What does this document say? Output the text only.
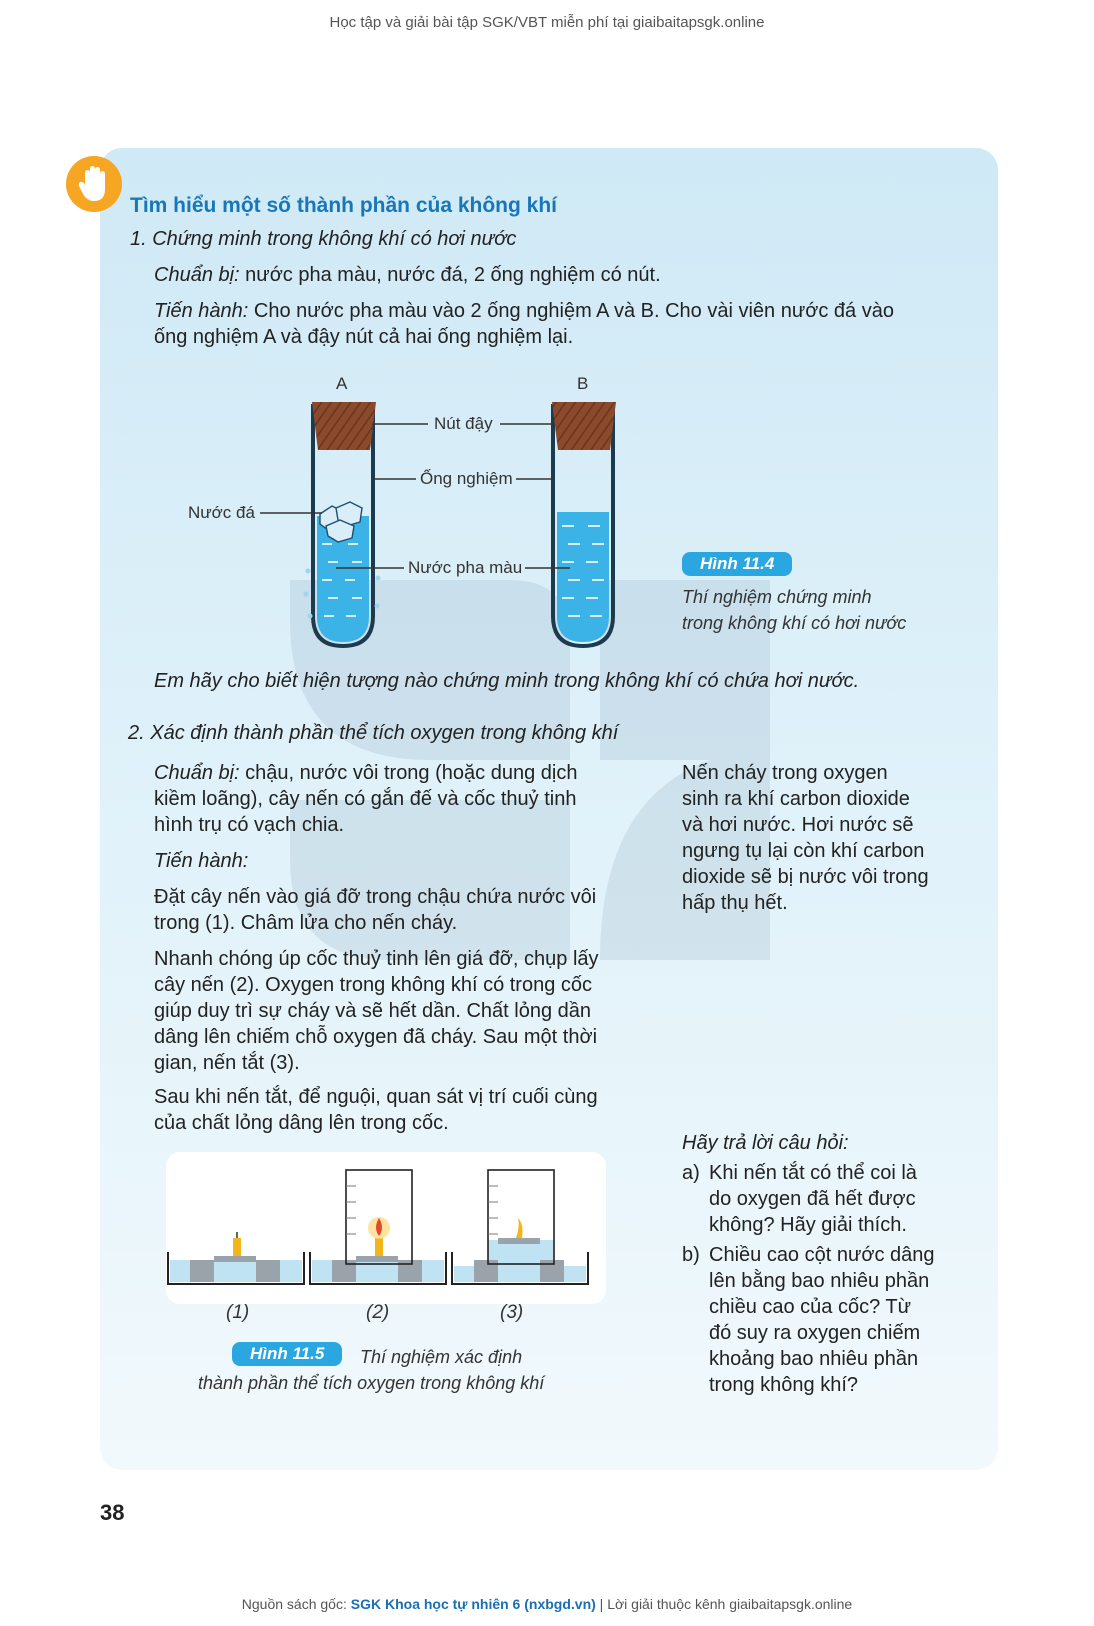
Học tập và giải bài tập SGK/VBT miễn phí tại giaibaitapsgk.online
Tìm hiểu một số thành phần của không khí
1. Chứng minh trong không khí có hơi nước
Chuẩn bị: nước pha màu, nước đá, 2 ống nghiệm có nút.
Tiến hành: Cho nước pha màu vào 2 ống nghiệm A và B. Cho vài viên nước đá vào
ống nghiệm A và đậy nút cả hai ống nghiệm lại.
A	B
Nút đậy
Ống nghiệm
Nước đá
Nước pha màu	Hình 11.4
Thí nghiệm chứng minh
trong không khí có hơi nước
Em hãy cho biết hiện tượng nào chứng minh trong không khí có chứa hơi nước.
2. Xác định thành phần thể tích oxygen trong không khí
Chuẩn bị: chậu, nước vôi trong (hoặc dung dịch
kiềm loãng), cây nến có gắn đế và cốc thuỷ tinh
hình trụ có vạch chia.
Tiến hành:
Đặt cây nến vào giá đỡ trong chậu chứa nước vôi
trong (1). Châm lửa cho nến cháy.
Nhanh chóng úp cốc thuỷ tinh lên giá đỡ, chụp lấy
cây nến (2). Oxygen trong không khí có trong cốc
giúp duy trì sự cháy và sẽ hết dần. Chất lỏng dần
dâng lên chiếm chỗ oxygen đã cháy. Sau một thời
gian, nến tắt (3).
Sau khi nến tắt, để nguội, quan sát vị trí cuối cùng
của chất lỏng dâng lên trong cốc.
Nến cháy trong oxygen
sinh ra khí carbon dioxide
và hơi nước. Hơi nước sẽ
ngưng tụ lại còn khí carbon
dioxide sẽ bị nước vôi trong
hấp thụ hết.
Hãy trả lời câu hỏi:
a) Khi nến tắt có thể coi là
do oxygen đã hết được
không? Hãy giải thích.
b) Chiều cao cột nước dâng
lên bằng bao nhiêu phần
chiều cao của cốc? Từ
đó suy ra oxygen chiếm
khoảng bao nhiêu phần
trong không khí?
(1)	(2)	(3)
Hình 11.5	Thí nghiệm xác định
thành phần thể tích oxygen trong không khí
38
Nguồn sách gốc: SGK Khoa học tự nhiên 6 (nxbgd.vn) | Lời giải thuộc kênh giaibaitapsgk.online
